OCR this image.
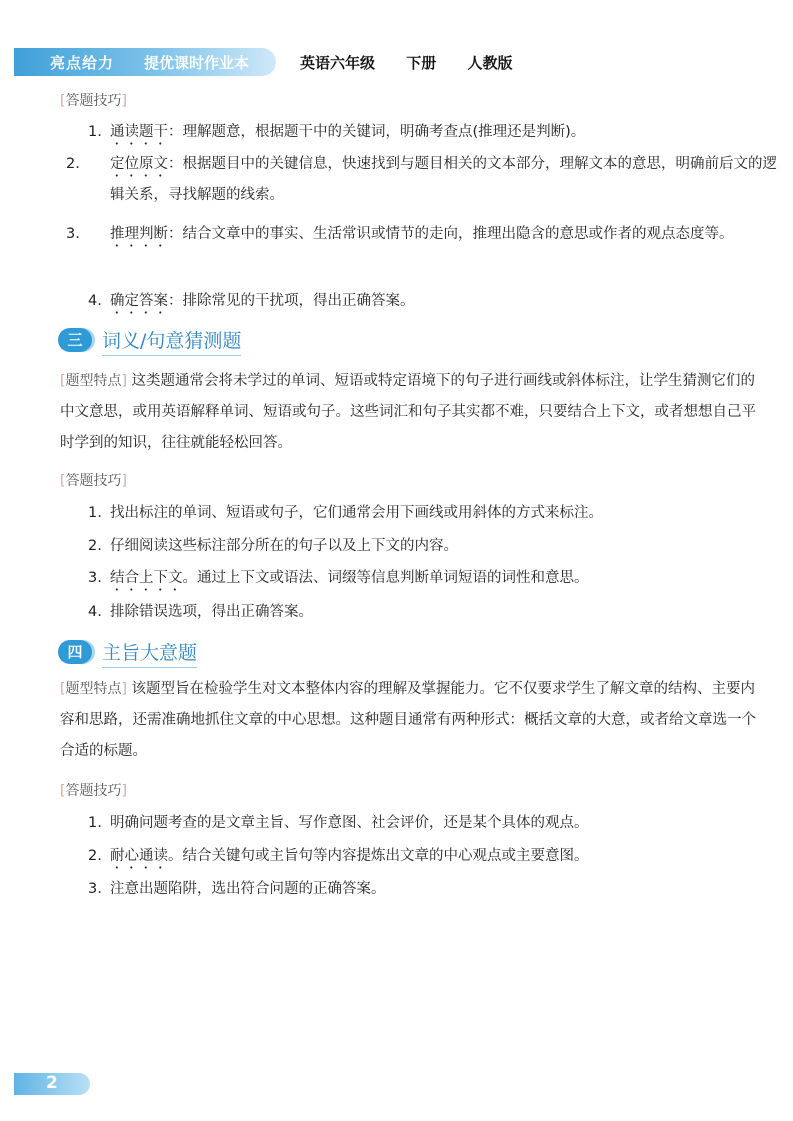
亮点给力 提优课时作业本	英语六年级 下册 人教版
[答题技巧]
1. 通读题干：理解题意，根据题干中的关键词，明确考查点(推理还是判断)。
2. 定位原文：根据题目中的关键信息，快速找到与题目相关的文本部分，理解文本的意思，明确前后文的逻辑关系，寻找解题的线索。
3. 推理判断：结合文章中的事实、生活常识或情节的走向，推理出隐含的意思或作者的观点态度等。
4. 确定答案：排除常见的干扰项，得出正确答案。
三	词义/句意猜测题
[题型特点] 这类题通常会将未学过的单词、短语或特定语境下的句子进行画线或斜体标注，让学生猜测它们的中文意思，或用英语解释单词、短语或句子。这些词汇和句子其实都不难，只要结合上下文，或者想想自己平时学到的知识，往往就能轻松回答。
[答题技巧]
1. 找出标注的单词、短语或句子，它们通常会用下画线或用斜体的方式来标注。
2. 仔细阅读这些标注部分所在的句子以及上下文的内容。
3. 结合上下文。通过上下文或语法、词缀等信息判断单词短语的词性和意思。
4. 排除错误选项，得出正确答案。
四	主旨大意题
[题型特点] 该题型旨在检验学生对文本整体内容的理解及掌握能力。它不仅要求学生了解文章的结构、主要内容和思路，还需准确地抓住文章的中心思想。这种题目通常有两种形式：概括文章的大意，或者给文章选一个合适的标题。
[答题技巧]
1. 明确问题考查的是文章主旨、写作意图、社会评价，还是某个具体的观点。
2. 耐心通读。结合关键句或主旨句等内容提炼出文章的中心观点或主要意图。
3. 注意出题陷阱，选出符合问题的正确答案。
2
